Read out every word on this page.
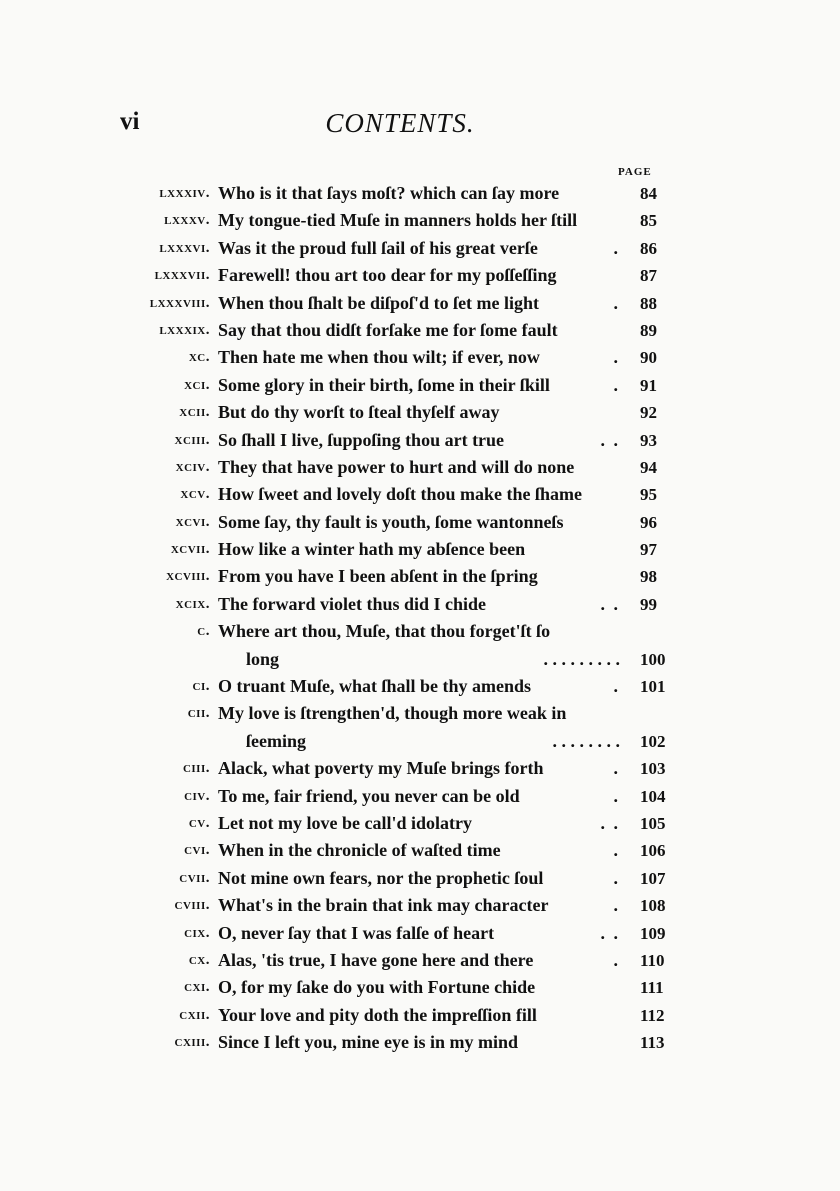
vi	CONTENTS.
PAGE
lxxxiv. Who is it that ſays moſt? which can ſay more	84
lxxxv. My tongue-tied Muſe in manners holds her ſtill	85
lxxxvi. Was it the proud full ſail of his great verſe	. 86
lxxxvii. Farewell! thou art too dear for my poſſeſſing	87
lxxxviii. When thou ſhalt be diſpoſ'd to ſet me light	. 88
lxxxix. Say that thou didſt forſake me for ſome fault	89
xc. Then hate me when thou wilt; if ever, now	. 90
xci. Some glory in their birth, ſome in their ſkill	. 91
xcii. But do thy worſt to ſteal thyſelf away	92
xciii. So ſhall I live, ſuppoſing thou art true	. . 93
xciv. They that have power to hurt and will do none	94
xcv. How ſweet and lovely doſt thou make the ſhame	95
xcvi. Some ſay, thy fault is youth, ſome wantonneſs	96
xcvii. How like a winter hath my abſence been	97
xcviii. From you have I been abſent in the ſpring	98
xcix. The forward violet thus did I chide	. . 99
c. Where art thou, Muſe, that thou forget'ſt ſo
long	. . . . . . . . . 100
ci. O truant Muſe, what ſhall be thy amends	. 101
cii. My love is ſtrengthen'd, though more weak in
ſeeming	. . . . . . . . 102
ciii. Alack, what poverty my Muſe brings forth	. 103
civ. To me, fair friend, you never can be old	. 104
cv. Let not my love be call'd idolatry	. . 105
cvi. When in the chronicle of waſted time	. 106
cvii. Not mine own fears, nor the prophetic ſoul	. 107
cviii. What's in the brain that ink may character	. 108
cix. O, never ſay that I was falſe of heart	. . 109
cx. Alas, 'tis true, I have gone here and there	. 110
cxi. O, for my ſake do you with Fortune chide	111
cxii. Your love and pity doth the impreſſion fill	112
cxiii. Since I left you, mine eye is in my mind	113
